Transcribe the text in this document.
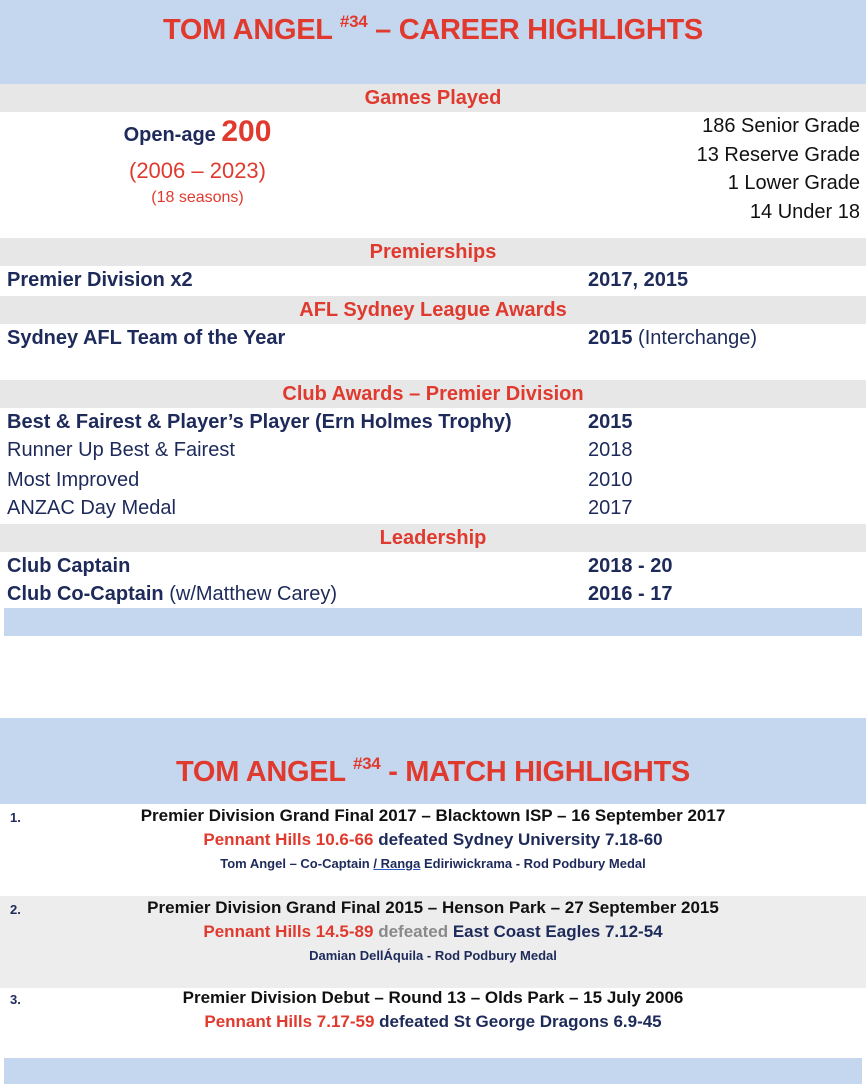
TOM ANGEL $^{\#34}$ – CAREER HIGHLIGHTS
Games Played
Open-age 200
(2006 – 2023)
(18 seasons)
186 Senior Grade
13 Reserve Grade
1 Lower Grade
14 Under 18
Premierships
Premier Division x2	2017, 2015
AFL Sydney League Awards
Sydney AFL Team of the Year	2015 (Interchange)
Club Awards – Premier Division
Best & Fairest & Player’s Player (Ern Holmes Trophy)	2015
Runner Up Best & Fairest	2018
Most Improved	2010
ANZAC Day Medal	2017
Leadership
Club Captain	2018 - 20
Club Co-Captain (w/Matthew Carey)	2016 - 17
TOM ANGEL $^{\#34}$ - MATCH HIGHLIGHTS
1.	Premier Division Grand Final 2017 – Blacktown ISP – 16 September 2017
Pennant Hills 10.6-66 defeated Sydney University 7.18-60
Tom Angel – Co-Captain / Ranga Ediriwickrama - Rod Podbury Medal
2.	Premier Division Grand Final 2015 – Henson Park – 27 September 2015
Pennant Hills 14.5-89 defeated East Coast Eagles 7.12-54
Damian DellÁquila - Rod Podbury Medal
3.	Premier Division Debut – Round 13 – Olds Park – 15 July 2006
Pennant Hills 7.17-59 defeated St George Dragons 6.9-45
